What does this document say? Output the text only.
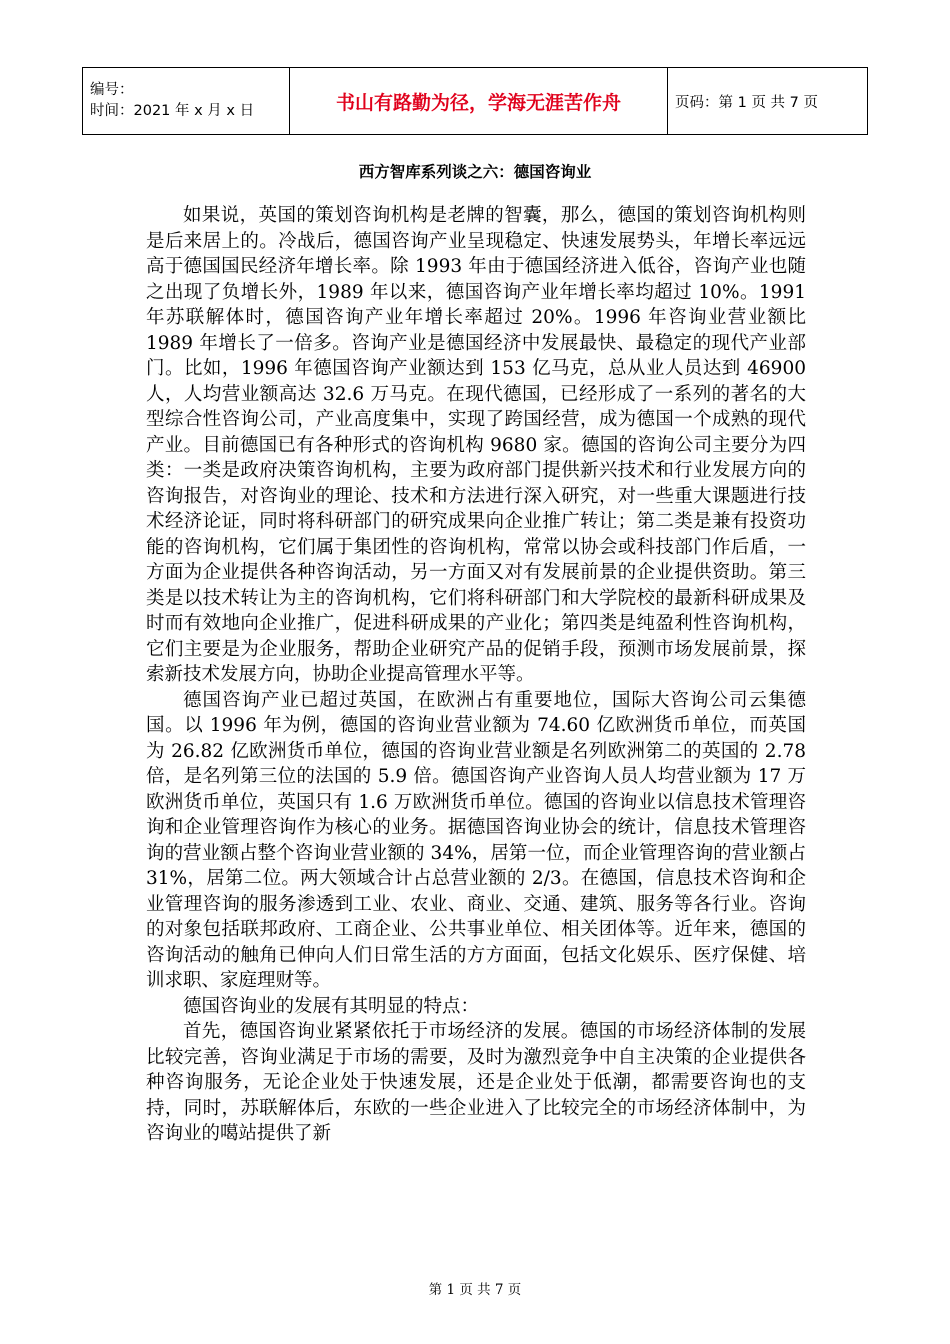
编号：
时间：2021 年 x 月 x 日	书山有路勤为径，学海无涯苦作舟	页码：第 1 页 共 7 页
西方智库系列谈之六：德国咨询业

如果说，英国的策划咨询机构是老牌的智囊，那么，德国的策划咨询机构则是后来居上的。冷战后，德国咨询产业呈现稳定、快速发展势头，年增长率远远高于德国国民经济年增长率。除 1993 年由于德国经济进入低谷，咨询产业也随之出现了负增长外，1989 年以来，德国咨询产业年增长率均超过 10%。1991 年苏联解体时，德国咨询产业年增长率超过 20%。1996 年咨询业营业额比 1989 年增长了一倍多。咨询产业是德国经济中发展最快、最稳定的现代产业部门。比如，1996 年德国咨询产业额达到 153 亿马克，总从业人员达到 46900 人，人均营业额高达 32.6 万马克。在现代德国，已经形成了一系列的著名的大型综合性咨询公司，产业高度集中，实现了跨国经营，成为德国一个成熟的现代产业。目前德国已有各种形式的咨询机构 9680 家。德国的咨询公司主要分为四类：一类是政府决策咨询机构，主要为政府部门提供新兴技术和行业发展方向的咨询报告，对咨询业的理论、技术和方法进行深入研究，对一些重大课题进行技术经济论证，同时将科研部门的研究成果向企业推广转让；第二类是兼有投资功能的咨询机构，它们属于集团性的咨询机构，常常以协会或科技部门作后盾，一方面为企业提供各种咨询活动，另一方面又对有发展前景的企业提供资助。第三类是以技术转让为主的咨询机构，它们将科研部门和大学院校的最新科研成果及时而有效地向企业推广，促进科研成果的产业化；第四类是纯盈利性咨询机构，它们主要是为企业服务，帮助企业研究产品的促销手段，预测市场发展前景，探索新技术发展方向，协助企业提高管理水平等。

德国咨询产业已超过英国，在欧洲占有重要地位，国际大咨询公司云集德国。以 1996 年为例，德国的咨询业营业额为 74.60 亿欧洲货币单位，而英国为 26.82 亿欧洲货币单位，德国的咨询业营业额是名列欧洲第二的英国的 2.78 倍，是名列第三位的法国的 5.9 倍。德国咨询产业咨询人员人均营业额为 17 万欧洲货币单位，英国只有 1.6 万欧洲货币单位。德国的咨询业以信息技术管理咨询和企业管理咨询作为核心的业务。据德国咨询业协会的统计，信息技术管理咨询的营业额占整个咨询业营业额的 34%，居第一位，而企业管理咨询的营业额占 31%，居第二位。两大领域合计占总营业额的 2/3。在德国，信息技术咨询和企业管理咨询的服务渗透到工业、农业、商业、交通、建筑、服务等各行业。咨询的对象包括联邦政府、工商企业、公共事业单位、相关团体等。近年来，德国的咨询活动的触角已伸向人们日常生活的方方面面，包括文化娱乐、医疗保健、培训求职、家庭理财等。

德国咨询业的发展有其明显的特点：

首先，德国咨询业紧紧依托于市场经济的发展。德国的市场经济体制的发展比较完善，咨询业满足于市场的需要，及时为激烈竞争中自主决策的企业提供各种咨询服务，无论企业处于快速发展，还是企业处于低潮，都需要咨询也的支持，同时，苏联解体后，东欧的一些企业进入了比较完全的市场经济体制中，为咨询业的噶站提供了新

第 1 页 共 7 页
